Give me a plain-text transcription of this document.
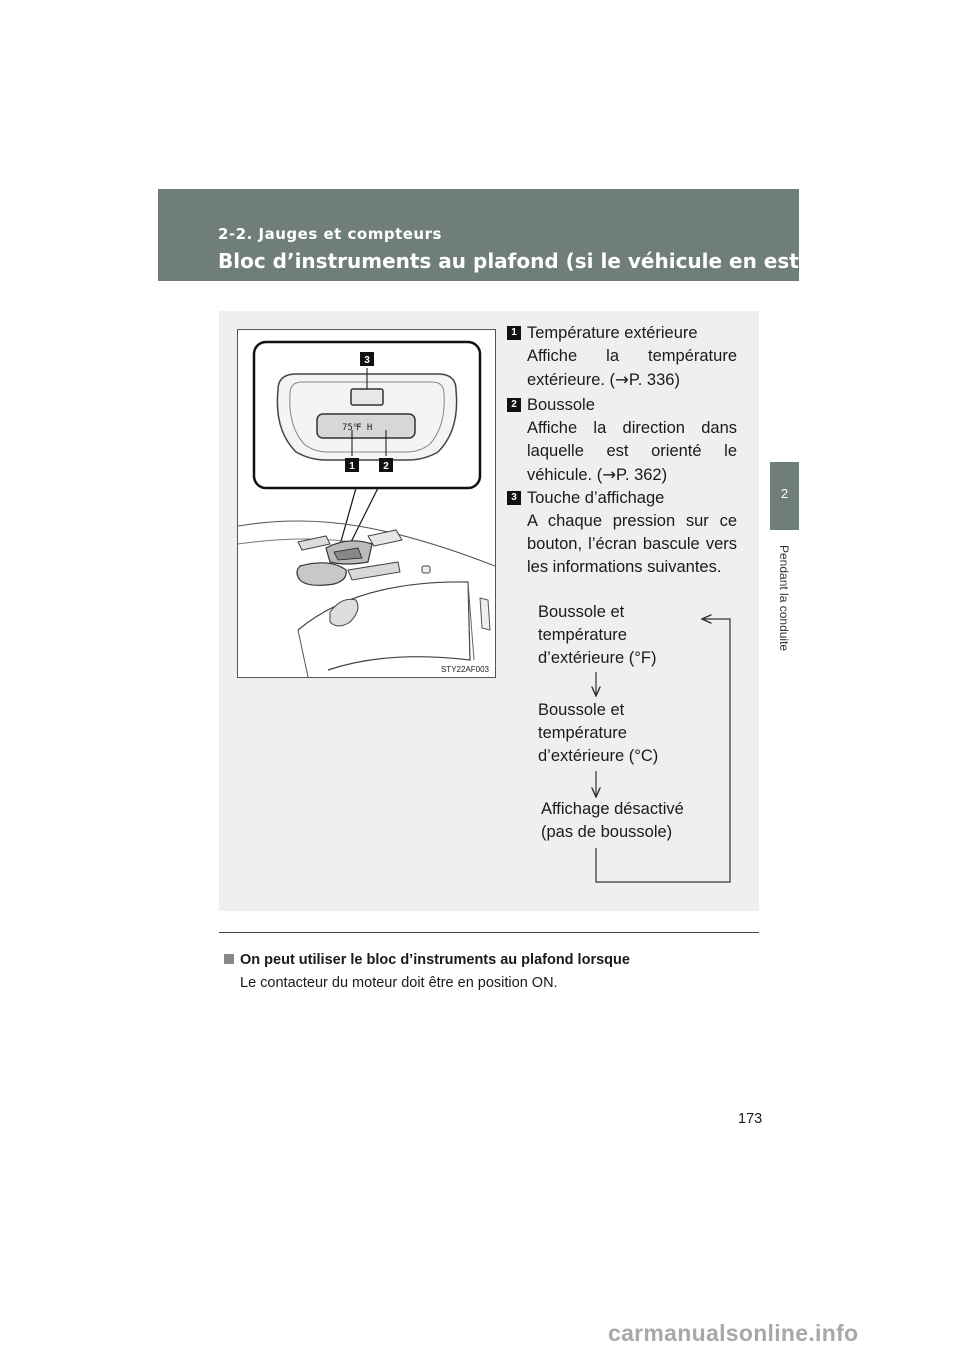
2-2. Jauges et compteurs
Bloc d’instruments au plafond (si le véhicule en est doté)
2
Pendant la conduite
75℉ H
3
1	2
STY22AF003
1 Température extérieure
Affiche la température extérieure. (→P. 336)
2 Boussole
Affiche la direction dans laquelle est orienté le véhicule. (→P. 362)
3 Touche d’affichage
A chaque pression sur ce bouton, l’écran bascule vers les informations suivantes.
Boussole et
température
d’extérieure (°F)
Boussole et
température
d’extérieure (°C)
Affichage désactivé
(pas de boussole)
On peut utiliser le bloc d’instruments au plafond lorsque
Le contacteur du moteur doit être en position ON.
173
carmanualsonline.info
